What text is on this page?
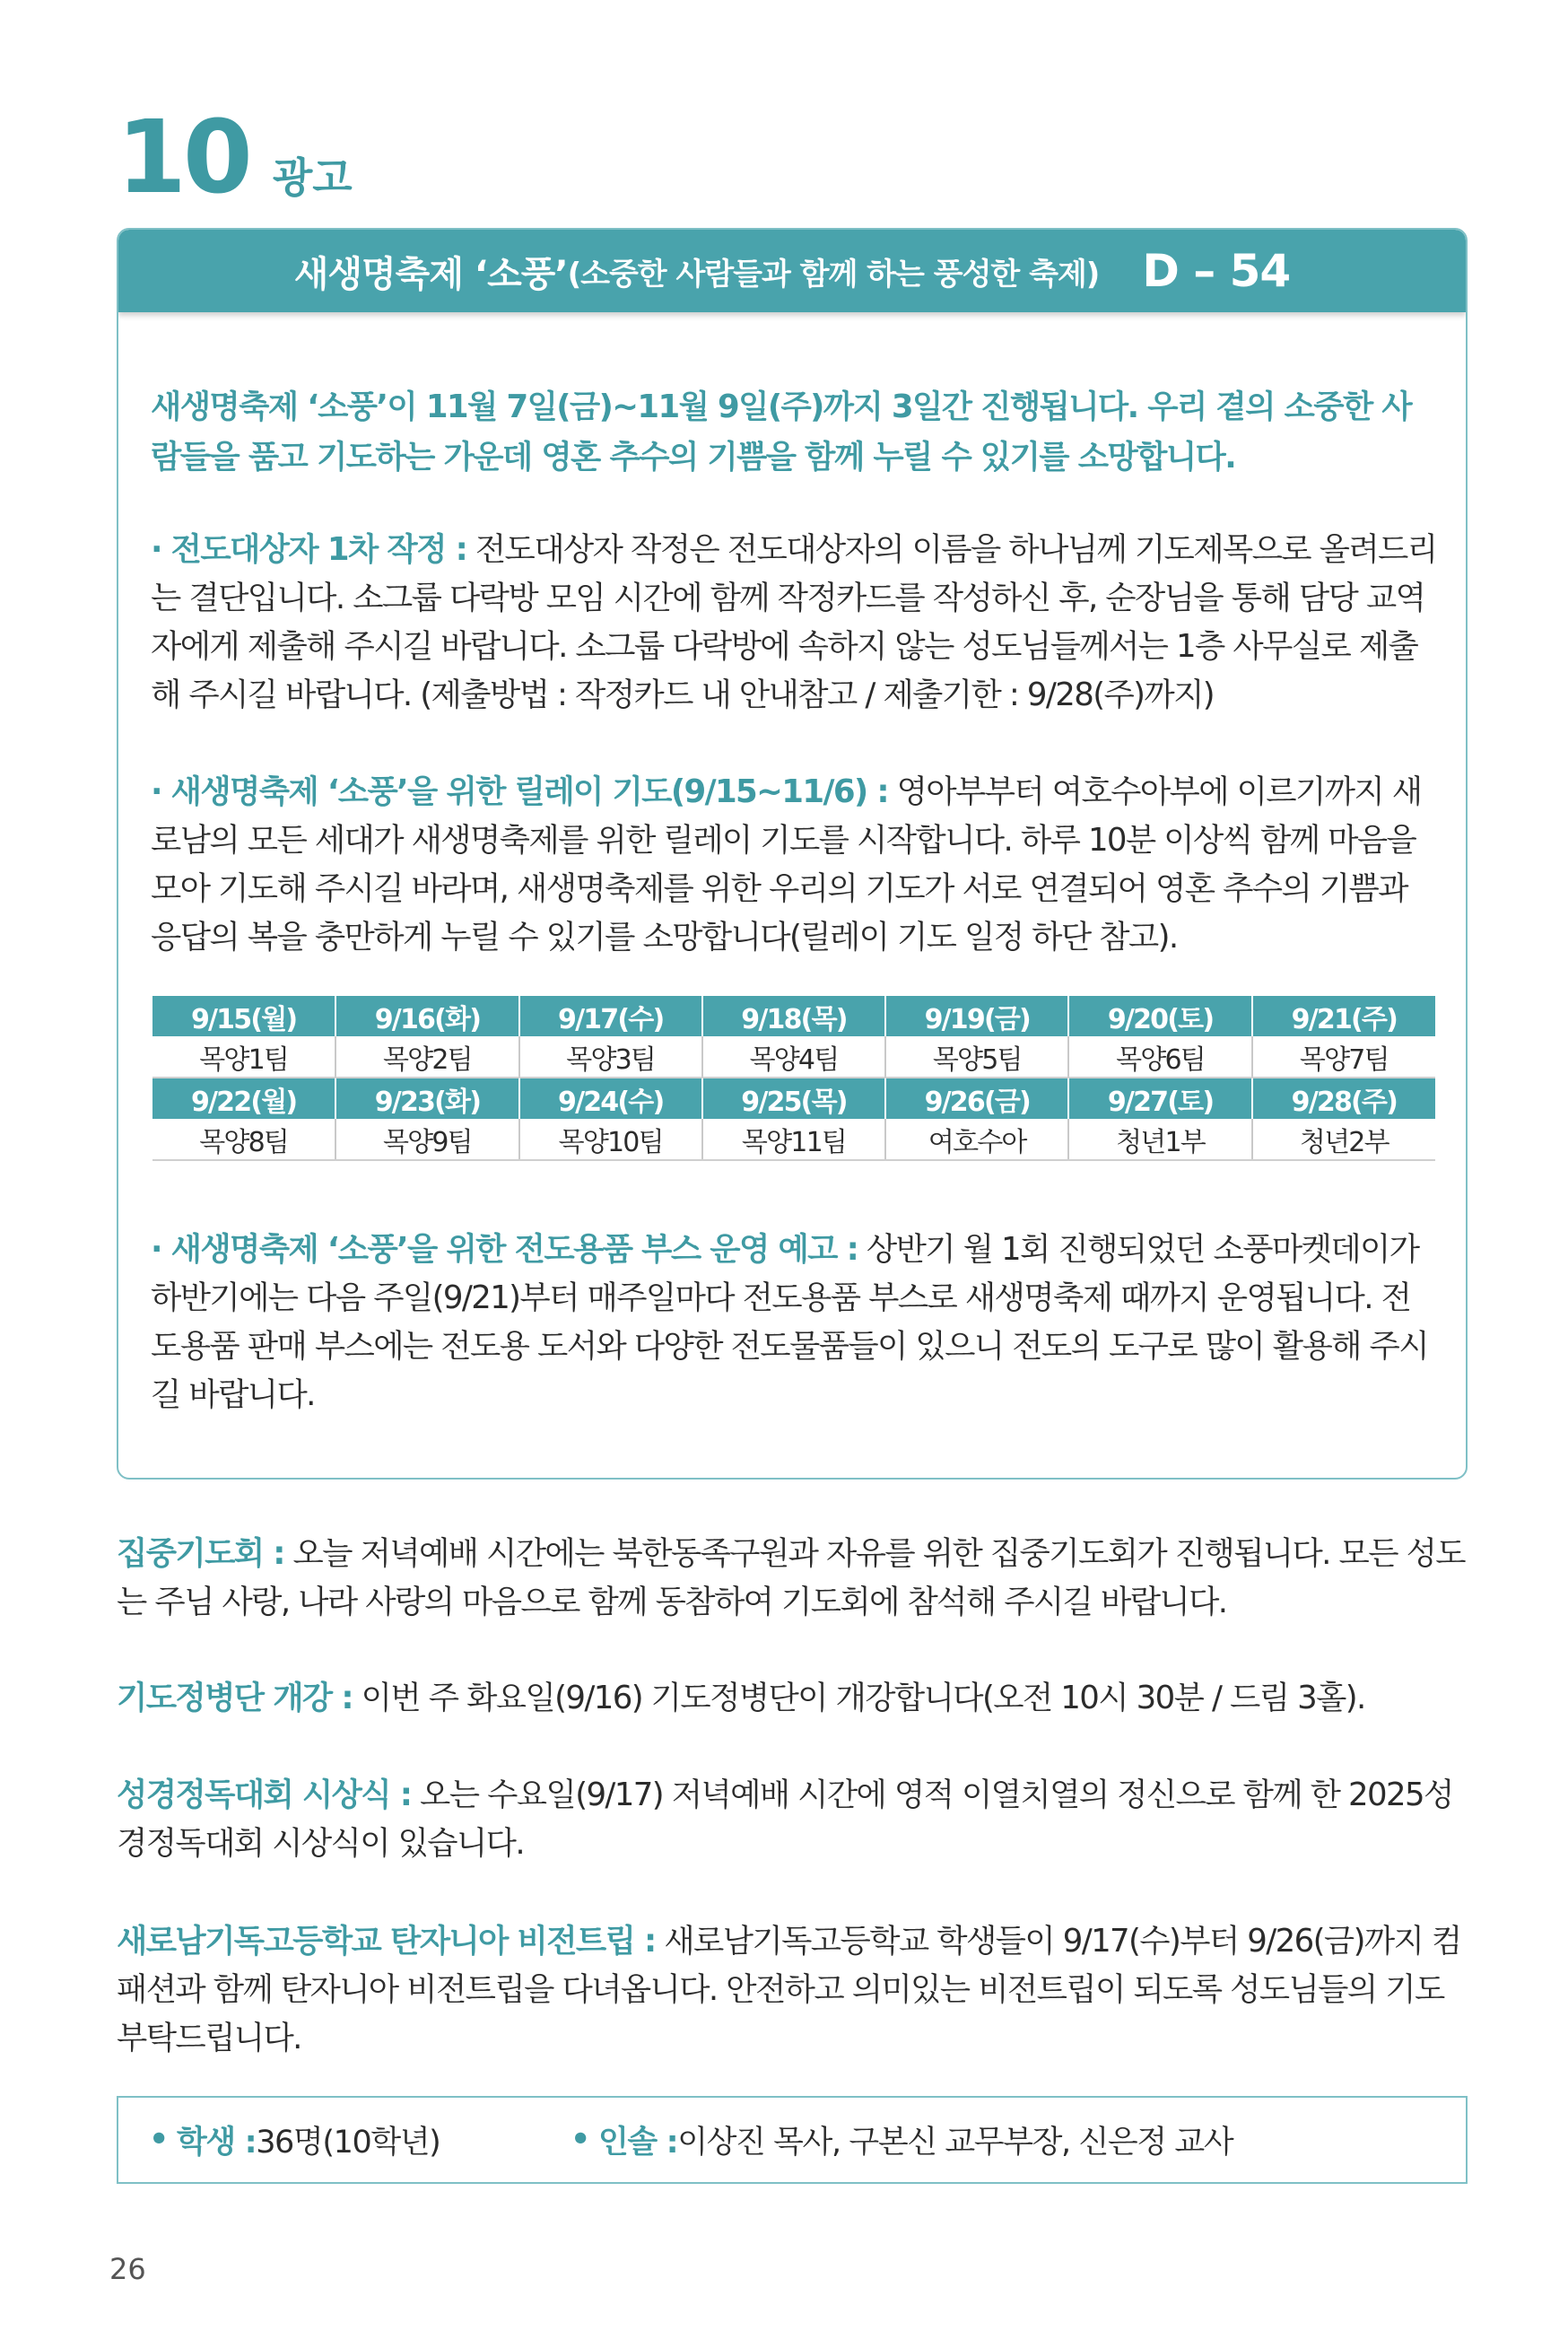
10 광고
새생명축제 ‘소풍’ (소중한 사람들과 함께 하는 풍성한 축제) D – 54
새생명축제 ‘소풍’이 11월 7일(금)~11월 9일(주)까지 3일간 진행됩니다. 우리 곁의 소중한 사람들을 품고 기도하는 가운데 영혼 추수의 기쁨을 함께 누릴 수 있기를 소망합니다.
· 전도대상자 1차 작정 : 전도대상자 작정은 전도대상자의 이름을 하나님께 기도제목으로 올려드리는 결단입니다. 소그룹 다락방 모임 시간에 함께 작정카드를 작성하신 후, 순장님을 통해 담당 교역자에게 제출해 주시길 바랍니다. 소그룹 다락방에 속하지 않는 성도님들께서는 1층 사무실로 제출해 주시길 바랍니다. (제출방법 : 작정카드 내 안내참고 / 제출기한 : 9/28(주)까지)
· 새생명축제 ‘소풍’을 위한 릴레이 기도(9/15~11/6) : 영아부부터 여호수아부에 이르기까지 새로남의 모든 세대가 새생명축제를 위한 릴레이 기도를 시작합니다. 하루 10분 이상씩 함께 마음을 모아 기도해 주시길 바라며, 새생명축제를 위한 우리의 기도가 서로 연결되어 영혼 추수의 기쁨과 응답의 복을 충만하게 누릴 수 있기를 소망합니다(릴레이 기도 일정 하단 참고).
· 새생명축제 ‘소풍’을 위한 전도용품 부스 운영 예고 : 상반기 월 1회 진행되었던 소풍마켓데이가 하반기에는 다음 주일(9/21)부터 매주일마다 전도용품 부스로 새생명축제 때까지 운영됩니다. 전도용품 판매 부스에는 전도용 도서와 다양한 전도물품들이 있으니 전도의 도구로 많이 활용해 주시길 바랍니다.
9/15(월)	9/16(화)	9/17(수)	9/18(목)	9/19(금)	9/20(토)	9/21(주)
목양1팀	목양2팀	목양3팀	목양4팀	목양5팀	목양6팀	목양7팀
9/22(월)	9/23(화)	9/24(수)	9/25(목)	9/26(금)	9/27(토)	9/28(주)
목양8팀	목양9팀	목양10팀	목양11팀	여호수아	청년1부	청년2부
집중기도회 : 오늘 저녁예배 시간에는 북한동족구원과 자유를 위한 집중기도회가 진행됩니다. 모든 성도는 주님 사랑, 나라 사랑의 마음으로 함께 동참하여 기도회에 참석해 주시길 바랍니다.
기도정병단 개강 : 이번 주 화요일(9/16) 기도정병단이 개강합니다(오전 10시 30분 / 드림 3홀).
성경정독대회 시상식 : 오는 수요일(9/17) 저녁예배 시간에 영적 이열치열의 정신으로 함께 한 2025성경정독대회 시상식이 있습니다.
새로남기독고등학교 탄자니아 비전트립 : 새로남기독고등학교 학생들이 9/17(수)부터 9/26(금)까지 컴패션과 함께 탄자니아 비전트립을 다녀옵니다. 안전하고 의미있는 비전트립이 되도록 성도님들의 기도 부탁드립니다.
• 학생 : 36명(10학년)	• 인솔 : 이상진 목사, 구본신 교무부장, 신은정 교사
26
